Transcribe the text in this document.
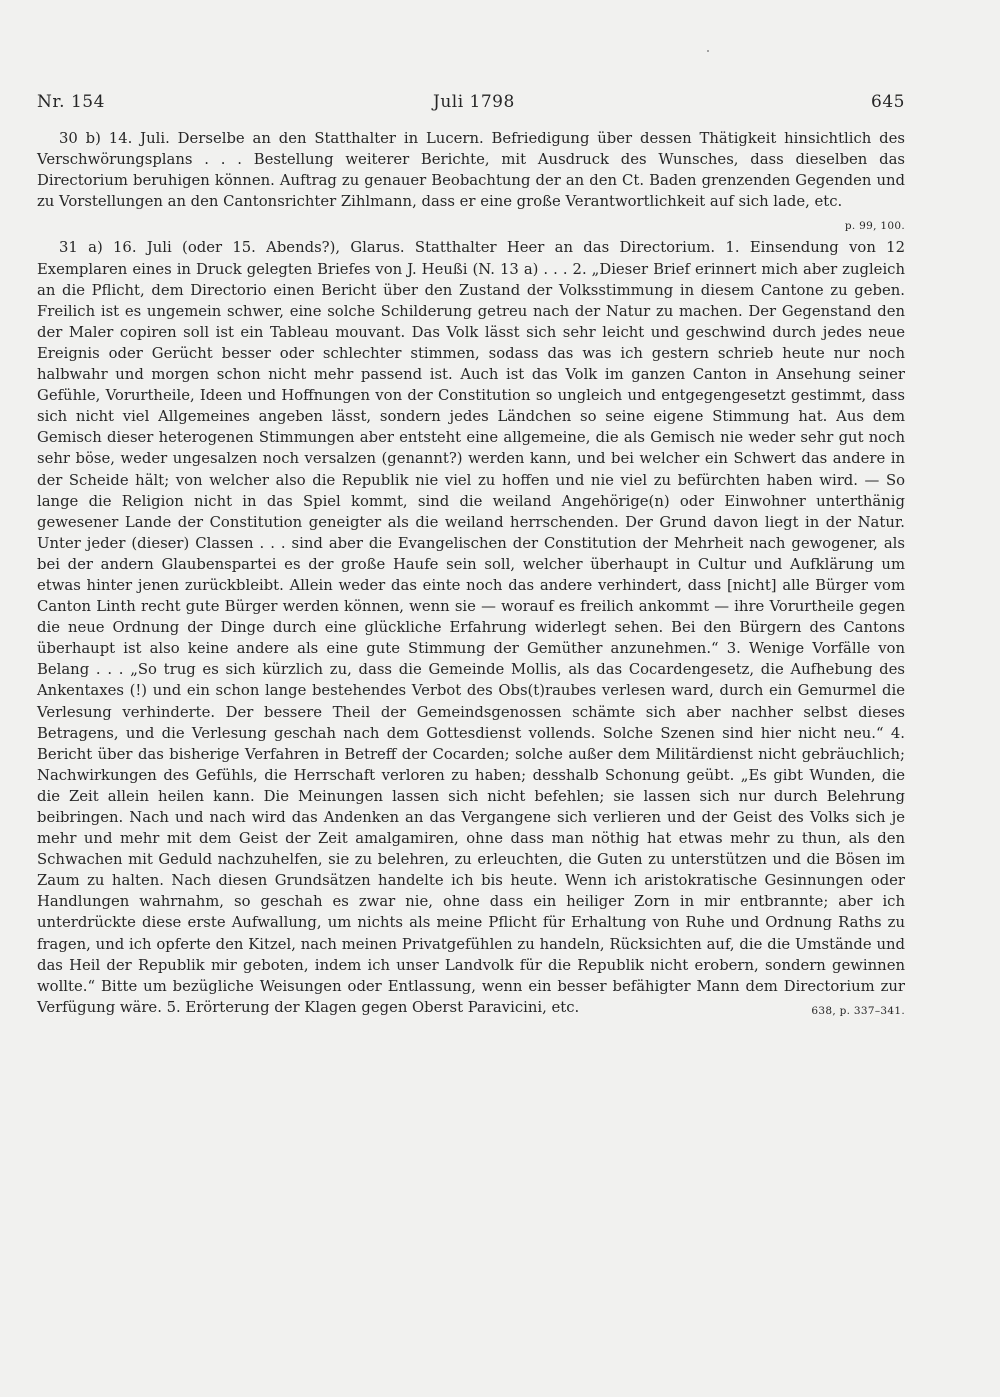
Nr. 154	Juli 1798	645

30 b) 14. Juli. Derselbe an den Statthalter in Lucern. Befriedigung über dessen Thätigkeit hinsichtlich des Verschwörungsplans . . . Bestellung weiterer Berichte, mit Ausdruck des Wunsches, dass dieselben das Directorium beruhigen können. Auftrag zu genauer Beobachtung der an den Ct. Baden grenzenden Gegenden und zu Vorstellungen an den Cantonsrichter Zihlmann, dass er eine große Verantwortlichkeit auf sich lade, etc.
p. 99, 100.

31 a) 16. Juli (oder 15. Abends?), Glarus. Statthalter Heer an das Directorium. 1. Einsendung von 12 Exemplaren eines in Druck gelegten Briefes von J. Heußi (N. 13 a) . . . 2. „Dieser Brief erinnert mich aber zugleich an die Pflicht, dem Directorio einen Bericht über den Zustand der Volksstimmung in diesem Cantone zu geben. Freilich ist es ungemein schwer, eine solche Schilderung getreu nach der Natur zu machen. Der Gegenstand den der Maler copiren soll ist ein Tableau mouvant. Das Volk lässt sich sehr leicht und geschwind durch jedes neue Ereignis oder Gerücht besser oder schlechter stimmen, sodass das was ich gestern schrieb heute nur noch halbwahr und morgen schon nicht mehr passend ist. Auch ist das Volk im ganzen Canton in Ansehung seiner Gefühle, Vorurtheile, Ideen und Hoffnungen von der Constitution so ungleich und entgegengesetzt gestimmt, dass sich nicht viel Allgemeines angeben lässt, sondern jedes Ländchen so seine eigene Stimmung hat. Aus dem Gemisch dieser heterogenen Stimmungen aber entsteht eine allgemeine, die als Gemisch nie weder sehr gut noch sehr böse, weder ungesalzen noch versalzen (genannt?) werden kann, und bei welcher ein Schwert das andere in der Scheide hält; von welcher also die Republik nie viel zu hoffen und nie viel zu befürchten haben wird. — So lange die Religion nicht in das Spiel kommt, sind die weiland Angehörige(n) oder Einwohner unterthänig gewesener Lande der Constitution geneigter als die weiland herrschenden. Der Grund davon liegt in der Natur. Unter jeder (dieser) Classen . . . sind aber die Evangelischen der Constitution der Mehrheit nach gewogener, als bei der andern Glaubenspartei es der große Haufe sein soll, welcher überhaupt in Cultur und Aufklärung um etwas hinter jenen zurückbleibt. Allein weder das einte noch das andere verhindert, dass [nicht] alle Bürger vom Canton Linth recht gute Bürger werden können, wenn sie — worauf es freilich ankommt — ihre Vorurtheile gegen die neue Ordnung der Dinge durch eine glückliche Erfahrung widerlegt sehen. Bei den Bürgern des Cantons überhaupt ist also keine andere als eine gute Stimmung der Gemüther anzunehmen.“ 3. Wenige Vorfälle von Belang . . . „So trug es sich kürzlich zu, dass die Gemeinde Mollis, als das Cocardengesetz, die Aufhebung des Ankentaxes (!) und ein schon lange bestehendes Verbot des Obs(t)raubes verlesen ward, durch ein Gemurmel die Verlesung verhinderte. Der bessere Theil der Gemeindsgenossen schämte sich aber nachher selbst dieses Betragens, und die Verlesung geschah nach dem Gottesdienst vollends. Solche Szenen sind hier nicht neu.“ 4. Bericht über das bisherige Verfahren in Betreff der Cocarden; solche außer dem Militärdienst nicht gebräuchlich; Nachwirkungen des Gefühls, die Herrschaft verloren zu haben; desshalb Schonung geübt. „Es gibt Wunden, die die Zeit allein heilen kann. Die Meinungen lassen sich nicht befehlen; sie lassen sich nur durch Belehrung beibringen. Nach und nach wird das Andenken an das Vergangene sich verlieren und der Geist des Volks sich je mehr und mehr mit dem Geist der Zeit amalgamiren, ohne dass man nöthig hat etwas mehr zu thun, als den Schwachen mit Geduld nachzuhelfen, sie zu belehren, zu erleuchten, die Guten zu unterstützen und die Bösen im Zaum zu halten. Nach diesen Grundsätzen handelte ich bis heute. Wenn ich aristokratische Gesinnungen oder Handlungen wahrnahm, so geschah es zwar nie, ohne dass ein heiliger Zorn in mir entbrannte; aber ich unterdrückte diese erste Aufwallung, um nichts als meine Pflicht für Erhaltung von Ruhe und Ordnung Raths zu fragen, und ich opferte den Kitzel, nach meinen Privatgefühlen zu handeln, Rücksichten auf, die die Umstände und das Heil der Republik mir geboten, indem ich unser Landvolk für die Republik nicht erobern, sondern gewinnen wollte.“ Bitte um bezügliche Weisungen oder Entlassung, wenn ein besser befähigter Mann dem Directorium zur Verfügung wäre. 5. Erörterung der Klagen gegen Oberst Paravicini, etc.	638, p. 337–341.
